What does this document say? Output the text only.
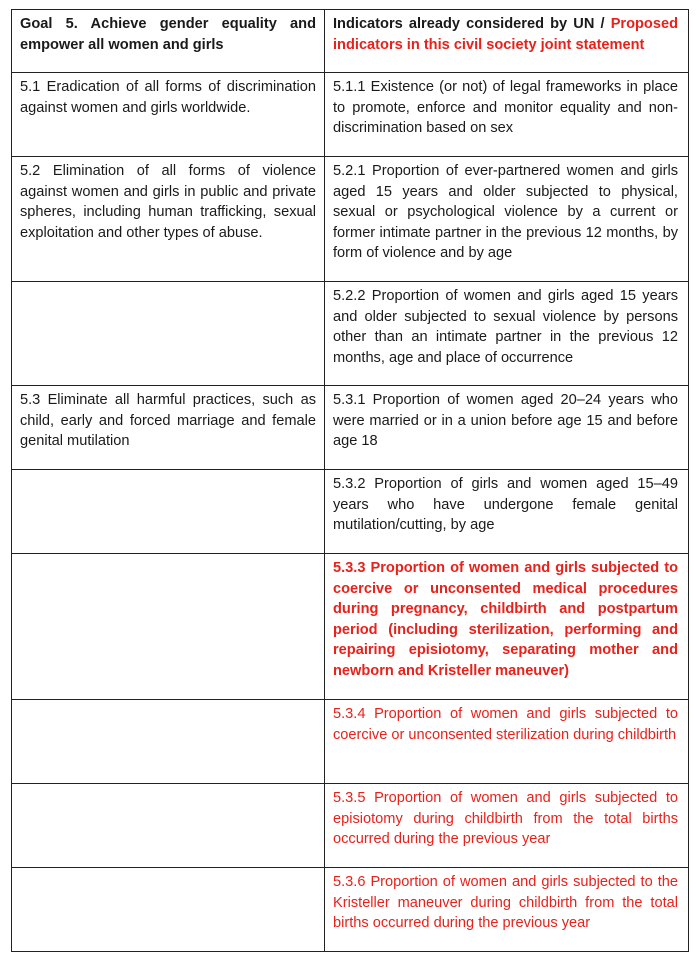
Goal 5. Achieve gender equality and empower all women and girls	Indicators already considered by UN / Proposed indicators in this civil society joint statement
5.1 Eradication of all forms of discrimination against women and girls worldwide.	5.1.1 Existence (or not) of legal frameworks in place to promote, enforce and monitor equality and non-discrimination based on sex
5.2 Elimination of all forms of violence against women and girls in public and private spheres, including human trafficking, sexual exploitation and other types of abuse.	5.2.1 Proportion of ever-partnered women and girls aged 15 years and older subjected to physical, sexual or psychological violence by a current or former intimate partner in the previous 12 months, by form of violence and by age
	5.2.2 Proportion of women and girls aged 15 years and older subjected to sexual violence by persons other than an intimate partner in the previous 12 months, age and place of occurrence
5.3 Eliminate all harmful practices, such as child, early and forced marriage and female genital mutilation	5.3.1 Proportion of women aged 20–24 years who were married or in a union before age 15 and before age 18
	5.3.2 Proportion of girls and women aged 15–49 years who have undergone female genital mutilation/cutting, by age
	5.3.3 Proportion of women and girls subjected to coercive or unconsented medical procedures during pregnancy, childbirth and postpartum period (including sterilization, performing and repairing episiotomy, separating mother and newborn and Kristeller maneuver)
	5.3.4 Proportion of women and girls subjected to coercive or unconsented sterilization during childbirth
	5.3.5 Proportion of women and girls subjected to episiotomy during childbirth from the total births occurred during the previous year
	5.3.6 Proportion of women and girls subjected to the Kristeller maneuver during childbirth from the total births occurred during the previous year
